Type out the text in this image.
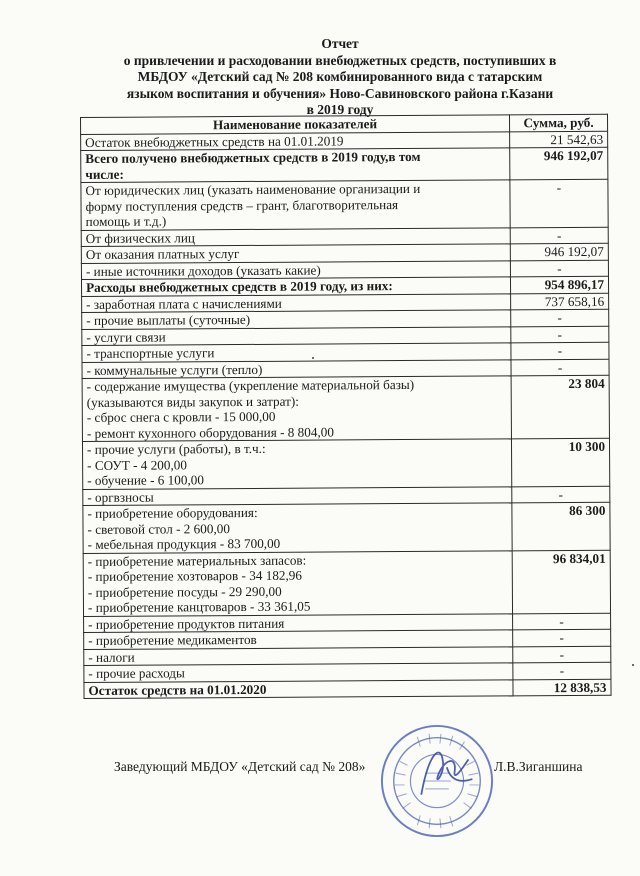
Отчет
о привлечении и расходовании внебюджетных средств, поступивших в
МБДОУ «Детский сад № 208 комбинированного вида с татарским
языком воспитания и обучения» Ново-Савиновского района г.Казани
в 2019 году
Наименование показателей	Сумма, руб.

Остаток внебюджетных средств на 01.01.2019	21 542,63

Всего получено внебюджетных средств в 2019 году,в том
числе:	946 192,07

От юридических лиц (указать наименование организации и
форму поступления средств – грант, благотворительная
помощь и т.д.)	-

От физических лиц	-

От оказания платных услуг	946 192,07

- иные источники доходов (указать какие)	-

Расходы внебюджетных средств в 2019 году, из них:	954 896,17

- заработная плата с начислениями	737 658,16

- прочие выплаты (суточные)	-

- услуги связи	-

- транспортные услуги	-

- коммунальные услуги (тепло)	-

- содержание имущества (укрепление материальной базы)
(указываются виды закупок и затрат):
- сброс снега с кровли - 15 000,00
- ремонт кухонного оборудования - 8 804,00	23 804

- прочие услуги (работы), в т.ч.:
- СОУТ - 4 200,00
- обучение - 6 100,00	10 300

- оргвзносы	-

- приобретение оборудования:
- световой стол - 2 600,00
- мебельная продукция - 83 700,00	86 300

- приобретение материальных запасов:
- приобретение хозтоваров - 34 182,96
- приобретение посуды - 29 290,00
- приобретение канцтоваров - 33 361,05	96 834,01

- приобретение продуктов питания	-

- приобретение медикаментов	-

- налоги	-

- прочие расходы	-

Остаток средств на 01.01.2020	12 838,53
Заведующий МБДОУ «Детский сад № 208»	Л.В.Зиганшина
